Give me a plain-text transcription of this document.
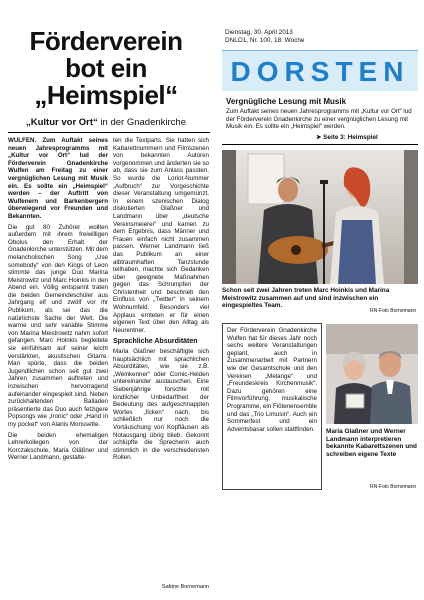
Förderverein
bot ein
„Heimspiel“
„Kultur vor Ort“ in der Gnadenkirche

WULFEN. Zum Auftakt seines neuen Jahresprogramms mit „Kultur vor Ort“ lud der Förderverein Gnadenkirche Wulfen am Freitag zu einer vergnüglichen Lesung mit Musik ein. Es sollte ein „Heimspiel“ werden – der Auftritt von Wulfenern und Barkenbergern überwiegend vor Freunden und Bekannten.

Die gut 80 Zuhörer wollten außerdem mit ihrem freiwilligen Obolus den Erhalt der Gnadenkirche unterstützen. Mit dem melancholischen Song „Use somebody“ von den Kings of Leon stimmte das junge Duo Marina Meistrowitz und Marc Hoinkis in den Abend ein. Völlig entspannt traten die beiden Gemeindeschüler aus Jahrgang elf und zwölf vor ihr Publikum, als sei das die natürlichste Sache der Welt. Die warme und sehr variable Stimme von Marina Meistrowitz nahm sofort gefangen. Marc Hoinkis begleitete sie einfühlsam auf seiner leicht verstärkten, akustischen Gitarre. Man spürte, dass die beiden Jugendlichen schon seit gut zwei Jahren zusammen auftreten und inzwischen hervorragend aufeinander eingespielt sind. Neben zurückhaltenden Balladen präsentierte das Duo auch fetzigere Popsongs wie „Ironic“ oder „Hand in my pocket“ von Alanis Morissette.

Die beiden ehemaligen Lehrerkollegen von der Korczakschule, Maria Gläßner und Werner Landmann, gestalte-

ten die Textparts. Sie hatten sich Kabarettnummern und Filmszenen von bekannten Autoren vorgenommen und änderten sie so ab, dass sie zum Anlass passten. So wurde die Loriot-Nummer „Aufbruch“ zur Vorgeschichte dieser Veranstaltung umgemünzt. In einem szenischen Dialog diskutierten Glaßner und Landmann über „deutsche Vereinsmeierei“ und kamen zu dem Ergebnis, dass Männer und Frauen einfach nicht zusammen passen. Werner Landmann ließ das Publikum an einer albtraumhaften Tanzstunde teilhaben, machte sich Gedanken über geeignete Maßnahmen gegen das Schrumpfen der Christenheit und beschrieb den Einfluss von „Twitter“ in seinem Wohnumfeld. Besonders viel Applaus ernteten er für einen eigenen Text über den Alltag als Neurentner.

Sprachliche Absurditäten

Maria Glaßner beschäftigte sich hauptsächlich mit sprachlichen Absurditäten, wie sie z.B. „Weinkenner“ oder Comic-Helden untereinander austauschen. Eine Siebenjährige forschte mit kindlicher Unbedarftheit der Bedeutung des aufgeschnappten Wortes „ficken“ nach, bis schließlich nur noch die Vortäuschung von Kopfläusen als Notausgang übrig blieb. Gekonnt schlüpfte die Sprecherin auch stimmlich in die verschiedensten Rollen.

Sabine Bornemann
Dienstag, 30. April 2013
DNLO1, Nr. 100, 18. Woche
DORSTEN
Vergnügliche Lesung mit Musik
Zum Auftakt seines neuen Jahresprogramms mit „Kultur vor Ort“ lud der Förderverein Gnadenkirche zu einer vergnüglichen Lesung mit Musik ein. Es sollte ein „Heimspiel“ werden.
➤ Seite 3: Heimspiel
Schon seit zwei Jahren treten Marc Hoinkis und Marina Meistrowitz zusammen auf und sind inzwischen ein eingespieltes Team.
RN-Foto Bornemann
Der Förderverein Gnadenkirche Wulfen hat für dieses Jahr noch sechs weitere Veranstaltungen geplant, auch in Zusammenarbeit mit Partnern wie der Gesamtschule und den Vereinen „Melange“ und „Freundeskreis Kirchenmusik“. Dazu gehören eine Filmvorführung, musikalische Programme, ein Flötenensemble und das „Trio Limusin“. Auch ein Sommerfest und ein Adventsbasar sollen stattfinden.	Maria Glaßner und Werner Landmann interpretieren bekannte Kabarettszenen und schreiben eigene Texte
RN-Foto Bornemann
